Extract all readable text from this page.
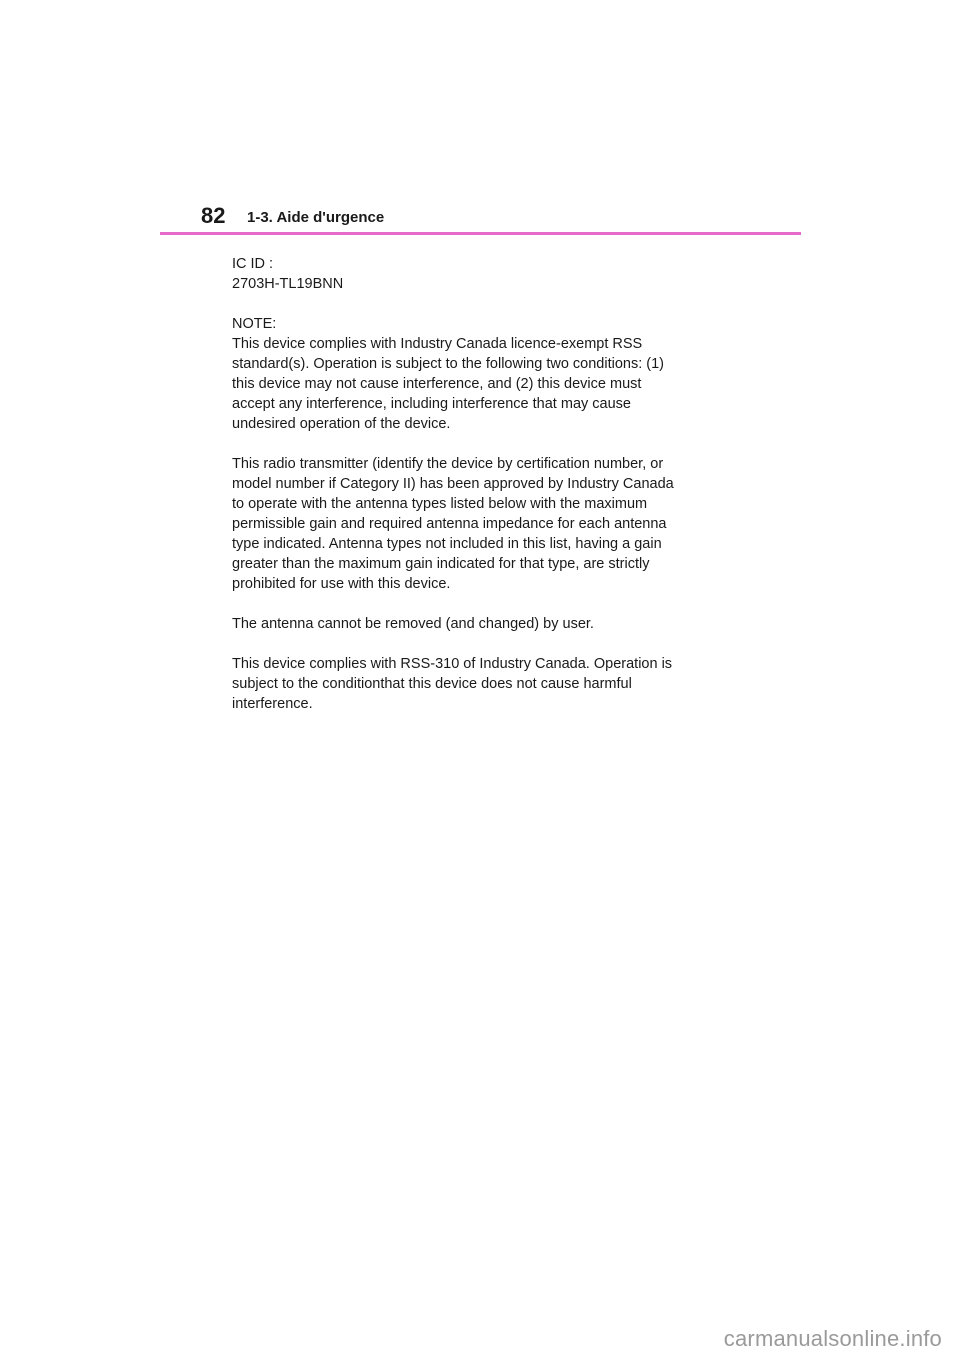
82 1-3. Aide d'urgence

IC ID :
2703H-TL19BNN

NOTE:
This device complies with Industry Canada licence-exempt RSS
standard(s). Operation is subject to the following two conditions: (1)
this device may not cause interference, and (2) this device must
accept any interference, including interference that may cause
undesired operation of the device.

This radio transmitter (identify the device by certification number, or
model number if Category II) has been approved by Industry Canada
to operate with the antenna types listed below with the maximum
permissible gain and required antenna impedance for each antenna
type indicated. Antenna types not included in this list, having a gain
greater than the maximum gain indicated for that type, are strictly
prohibited for use with this device.

The antenna cannot be removed (and changed) by user.

This device complies with RSS-310 of Industry Canada. Operation is
subject to the conditionthat this device does not cause harmful
interference.

carmanualsonline.info
